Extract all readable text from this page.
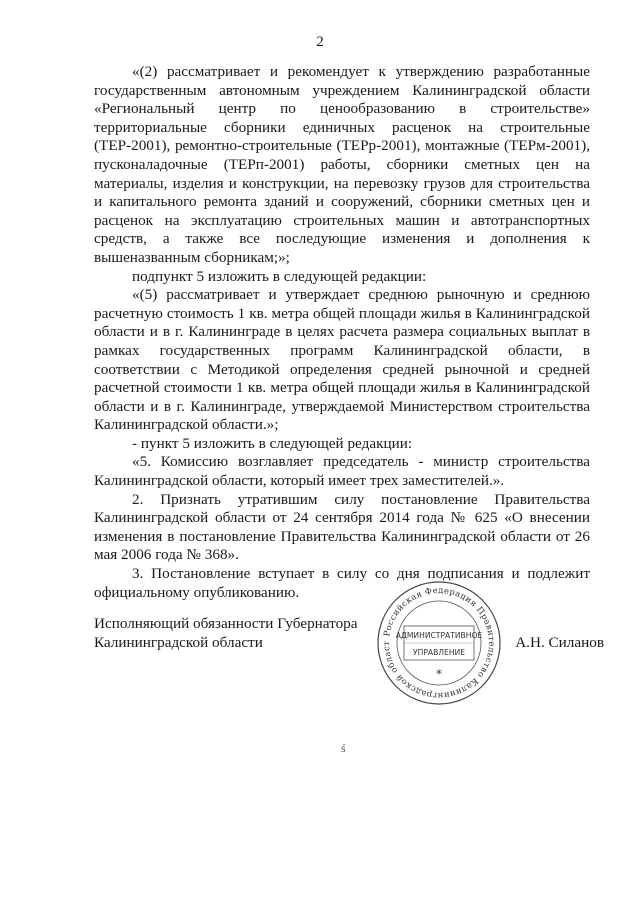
2

«(2) рассматривает и рекомендует к утверждению разработанные государственным автономным учреждением Калининградской области «Региональный центр по ценообразованию в строительстве» территориальные сборники единичных расценок на строительные (ТЕР-2001), ремонтно-строительные (ТЕРр-2001), монтажные (ТЕРм-2001), пусконаладочные (ТЕРп-2001) работы, сборники сметных цен на материалы, изделия и конструкции, на перевозку грузов для строительства и капитального ремонта зданий и сооружений, сборники сметных цен и расценок на эксплуатацию строительных машин и автотранспортных средств, а также все последующие изменения и дополнения к вышеназванным сборникам;»;

подпункт 5 изложить в следующей редакции:

«(5) рассматривает и утверждает среднюю рыночную и среднюю расчетную стоимость 1 кв. метра общей площади жилья в Калининградской области и в г. Калининграде в целях расчета размера социальных выплат в рамках государственных программ Калининградской области, в соответствии с Методикой определения средней рыночной и средней расчетной стоимости 1 кв. метра общей площади жилья в Калининградской области и в г. Калининграде, утверждаемой Министерством строительства Калининградской области.»;

- пункт 5 изложить в следующей редакции:

«5. Комиссию возглавляет председатель - министр строительства Калининградской области, который имеет трех заместителей.».

2. Признать утратившим силу постановление Правительства Калининградской области от 24 сентября 2014 года № 625 «О внесении изменения в постановление Правительства Калининградской области от 26 мая 2006 года № 368».

3. Постановление вступает в силу со дня подписания и подлежит официальному опубликованию.

Исполняющий обязанности Губернатора
Калининградской области
Российская Федерация Правительство Калининградской област
АДМИНИСТРАТИВНОЕ
УПРАВЛЕНИЕ
*
А.Н. Силанов
ś
